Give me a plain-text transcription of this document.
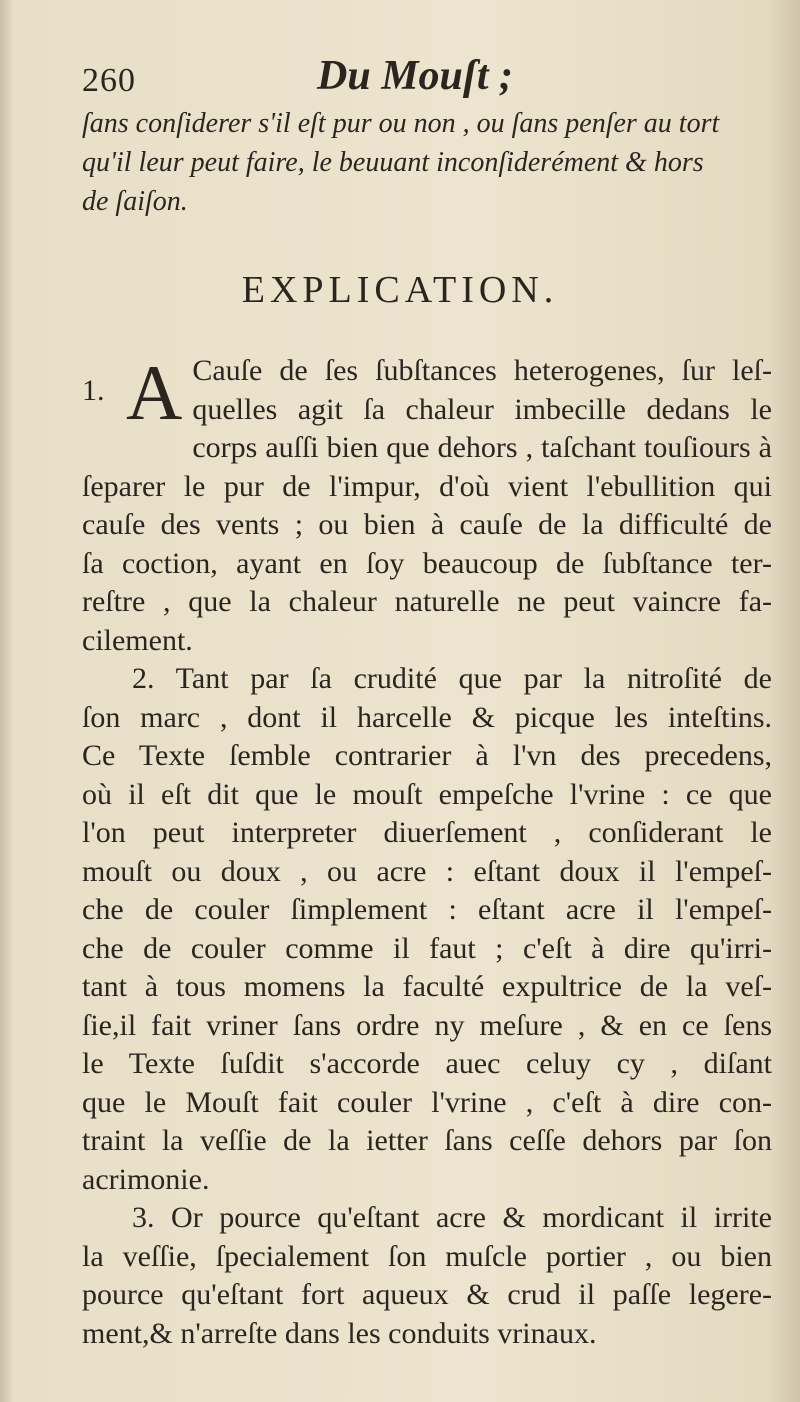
260	Du Mouſt ;

ſans conſiderer s'il eſt pur ou non , ou ſans penſer au tort

qu'il leur peut faire, le beuuant inconſiderément & hors

de ſaiſon.

EXPLICATION.
1. A Cauſe de ſes ſubſtances heterogenes, ſur leſ-
quelles agit ſa chaleur imbecille dedans le
corps auſſi bien que dehors , taſchant touſiours à
ſeparer le pur de l'impur, d'où vient l'ebullition qui
cauſe des vents ; ou bien à cauſe de la difficulté de
ſa coction, ayant en ſoy beaucoup de ſubſtance ter-
reſtre , que la chaleur naturelle ne peut vaincre fa-
cilement.
2. Tant par ſa crudité que par la nitroſité de
ſon marc , dont il harcelle & picque les inteſtins.
Ce Texte ſemble contrarier à l'vn des precedens,
où il eſt dit que le mouſt empeſche l'vrine : ce que
l'on peut interpreter diuerſement , conſiderant le
mouſt ou doux , ou acre : eſtant doux il l'empeſ-
che de couler ſimplement : eſtant acre il l'empeſ-
che de couler comme il faut ; c'eſt à dire qu'irri-
tant à tous momens la faculté expultrice de la veſ-
ſie,il fait vriner ſans ordre ny meſure , & en ce ſens
le Texte ſuſdit s'accorde auec celuy cy , diſant
que le Mouſt fait couler l'vrine , c'eſt à dire con-
traint la veſſie de la ietter ſans ceſſe dehors par ſon
acrimonie.
3. Or pource qu'eſtant acre & mordicant il irrite
la veſſie, ſpecialement ſon muſcle portier , ou bien
pource qu'eſtant fort aqueux & crud il paſſe legere-
ment,& n'arreſte dans les conduits vrinaux.
